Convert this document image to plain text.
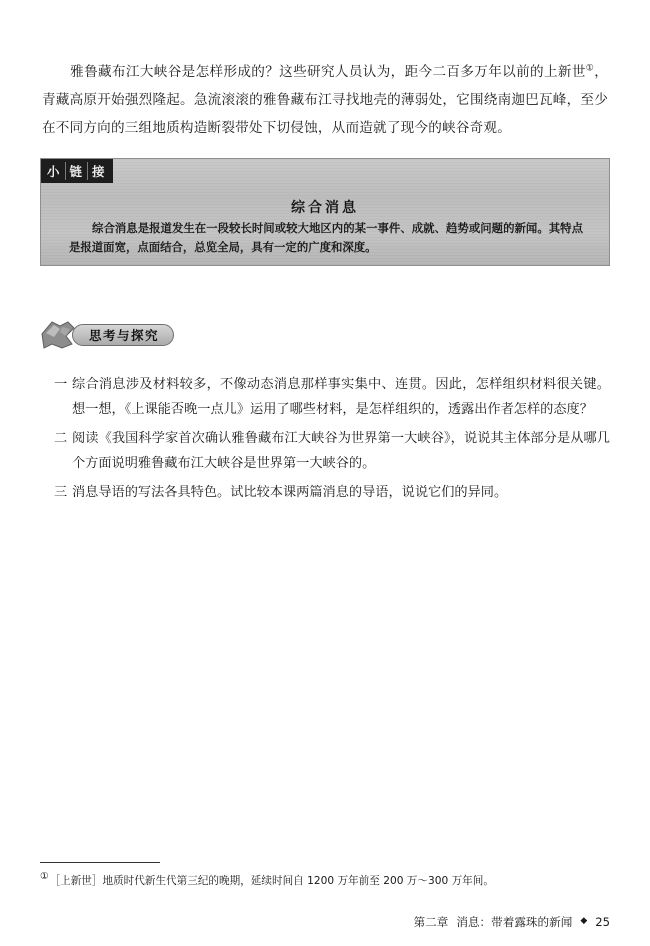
雅鲁藏布江大峡谷是怎样形成的？这些研究人员认为，距今二百多万年以前的上新世①，青藏高原开始强烈隆起。急流滚滚的雅鲁藏布江寻找地壳的薄弱处，它围绕南迦巴瓦峰，至少在不同方向的三组地质构造断裂带处下切侵蚀，从而造就了现今的峡谷奇观。

小 链 接
综合消息
综合消息是报道发生在一段较长时间或较大地区内的某一事件、成就、趋势或问题的新闻。其特点是报道面宽，点面结合，总览全局，具有一定的广度和深度。
思考与探究
一 综合消息涉及材料较多，不像动态消息那样事实集中、连贯。因此，怎样组织材料很关键。想一想，《上课能否晚一点儿》运用了哪些材料，是怎样组织的，透露出作者怎样的态度？
二 阅读《我国科学家首次确认雅鲁藏布江大峡谷为世界第一大峡谷》，说说其主体部分是从哪几个方面说明雅鲁藏布江大峡谷是世界第一大峡谷的。
三 消息导语的写法各具特色。试比较本课两篇消息的导语，说说它们的异同。
①［上新世］地质时代新生代第三纪的晚期，延续时间自 1200 万年前至 200 万～300 万年间。
第二章 消息：带着露珠的新闻 ◆ 25
